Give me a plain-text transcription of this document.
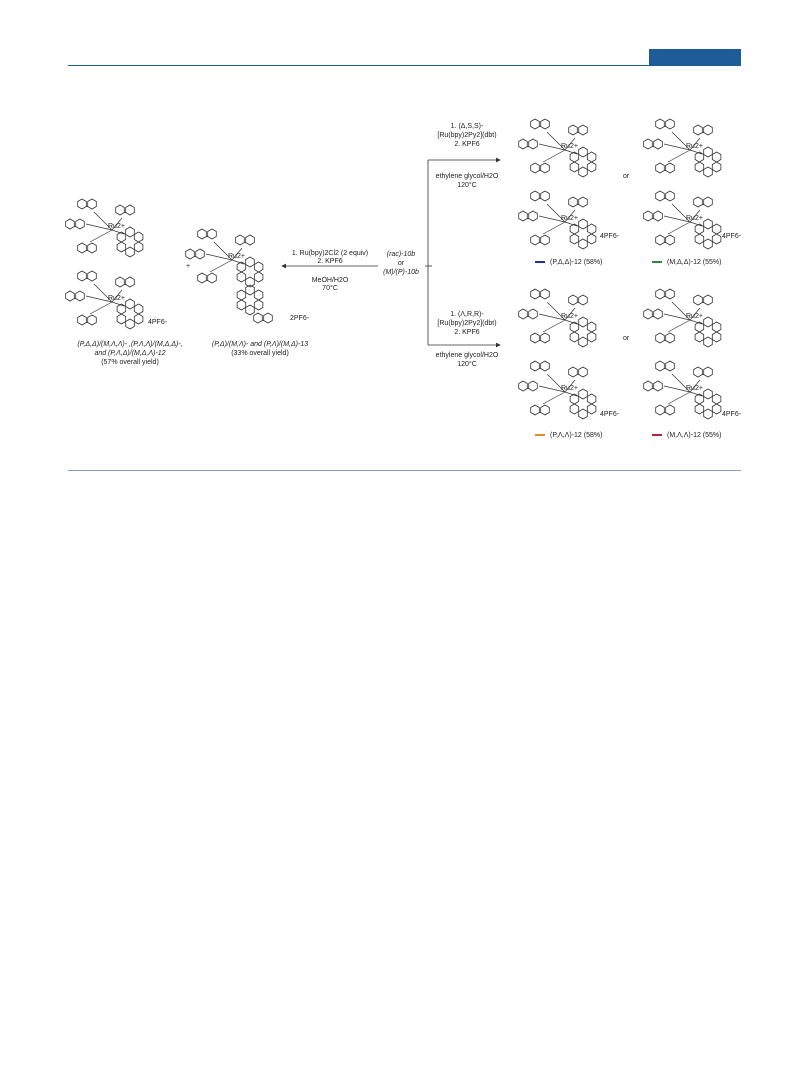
Ru2+
Ru2+
Ru2+
Ru2+
Ru2+
Ru2+
Ru2+
Ru2+
Ru2+
Ru2+
Ru2+
+
4PF6-
(P,Δ,Δ)/(M,Λ,Λ)- ,(P,Λ,Λ)/(M,Δ,Δ)-,
and (P,Λ,Δ)/(M,Δ,Λ)-12
(57% overall yield)
2PF6-
(P,Δ)/(M,Λ)- and (P,Λ)/(M,Δ)-13
(33% overall yield)
1. Ru(bpy)2Cl2 (2 equiv)
2. KPF6
MeOH/H2O
70°C
(rac)-10b
or
(M)/(P)-10b
1. (Δ,S,S)-
[Ru(bpy)2Py2](dbt)
2. KPF6
ethylene glycol/H2O
120°C
1. (Λ,R,R)-
[Ru(bpy)2Py2](dbt)
2. KPF6
ethylene glycol/H2O
120°C
or
or
4PF6-	4PF6-
4PF6-	4PF6-
(P,Δ,Δ)-12 (58%)	(M,Δ,Δ)-12 (55%)
(P,Λ,Λ)-12 (58%)	(M,Λ,Λ)-12 (55%)
